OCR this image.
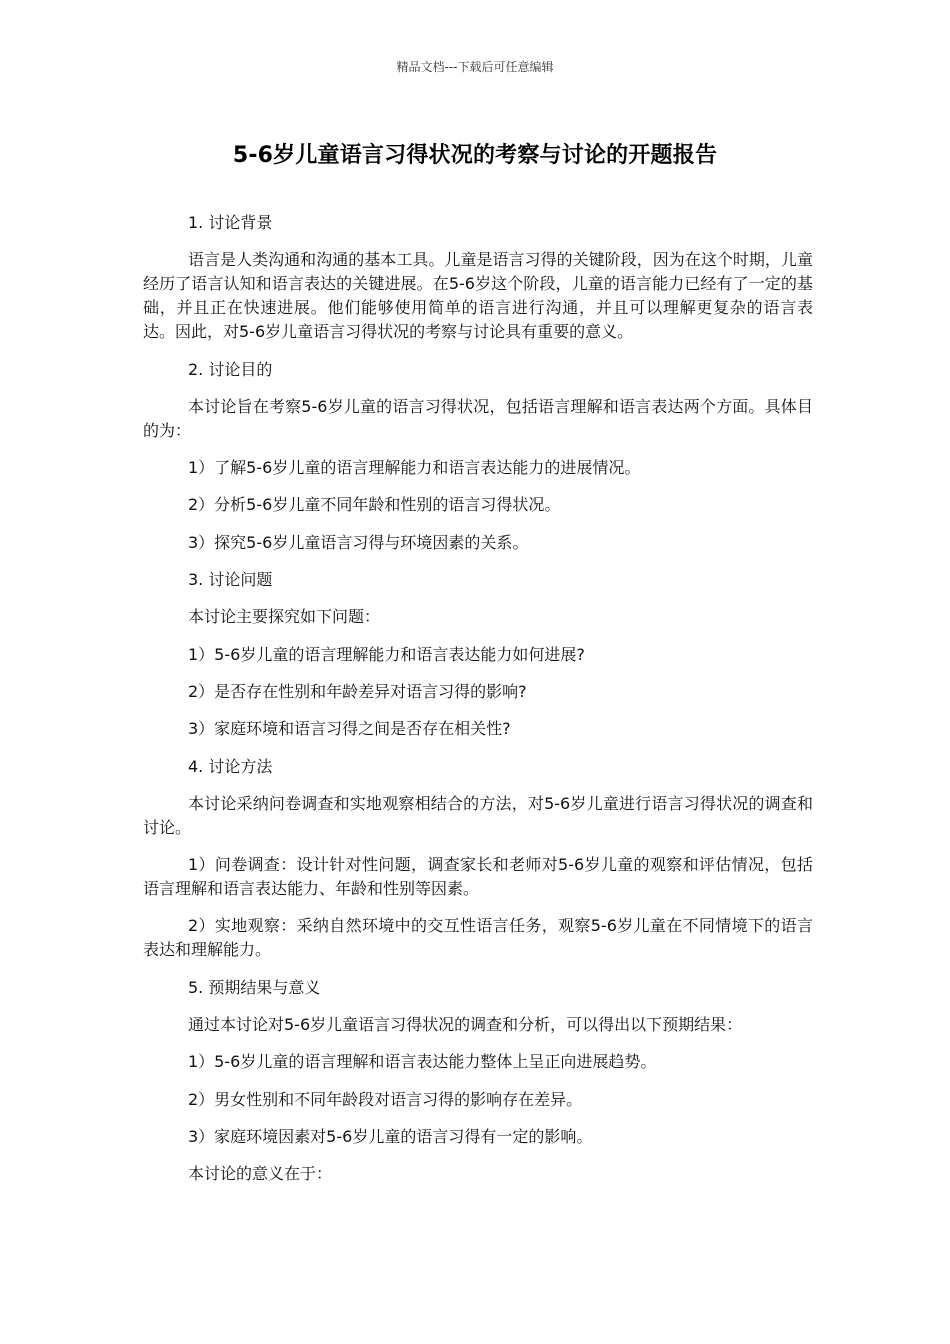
精品文档---下载后可任意编辑
5-6岁儿童语言习得状况的考察与讨论的开题报告

1. 讨论背景

语言是人类沟通和沟通的基本工具。儿童是语言习得的关键阶段，因为在这个时期，儿童经历了语言认知和语言表达的关键进展。在5-6岁这个阶段，儿童的语言能力已经有了一定的基础，并且正在快速进展。他们能够使用简单的语言进行沟通，并且可以理解更复杂的语言表达。因此，对5-6岁儿童语言习得状况的考察与讨论具有重要的意义。

2. 讨论目的

本讨论旨在考察5-6岁儿童的语言习得状况，包括语言理解和语言表达两个方面。具体目的为：

1）了解5-6岁儿童的语言理解能力和语言表达能力的进展情况。

2）分析5-6岁儿童不同年龄和性别的语言习得状况。

3）探究5-6岁儿童语言习得与环境因素的关系。

3. 讨论问题

本讨论主要探究如下问题：

1）5-6岁儿童的语言理解能力和语言表达能力如何进展?

2）是否存在性别和年龄差异对语言习得的影响?

3）家庭环境和语言习得之间是否存在相关性?

4. 讨论方法

本讨论采纳问卷调查和实地观察相结合的方法，对5-6岁儿童进行语言习得状况的调查和讨论。

1）问卷调查：设计针对性问题，调查家长和老师对5-6岁儿童的观察和评估情况，包括语言理解和语言表达能力、年龄和性别等因素。

2）实地观察：采纳自然环境中的交互性语言任务，观察5-6岁儿童在不同情境下的语言表达和理解能力。

5. 预期结果与意义

通过本讨论对5-6岁儿童语言习得状况的调查和分析，可以得出以下预期结果：

1）5-6岁儿童的语言理解和语言表达能力整体上呈正向进展趋势。

2）男女性别和不同年龄段对语言习得的影响存在差异。

3）家庭环境因素对5-6岁儿童的语言习得有一定的影响。

本讨论的意义在于：
